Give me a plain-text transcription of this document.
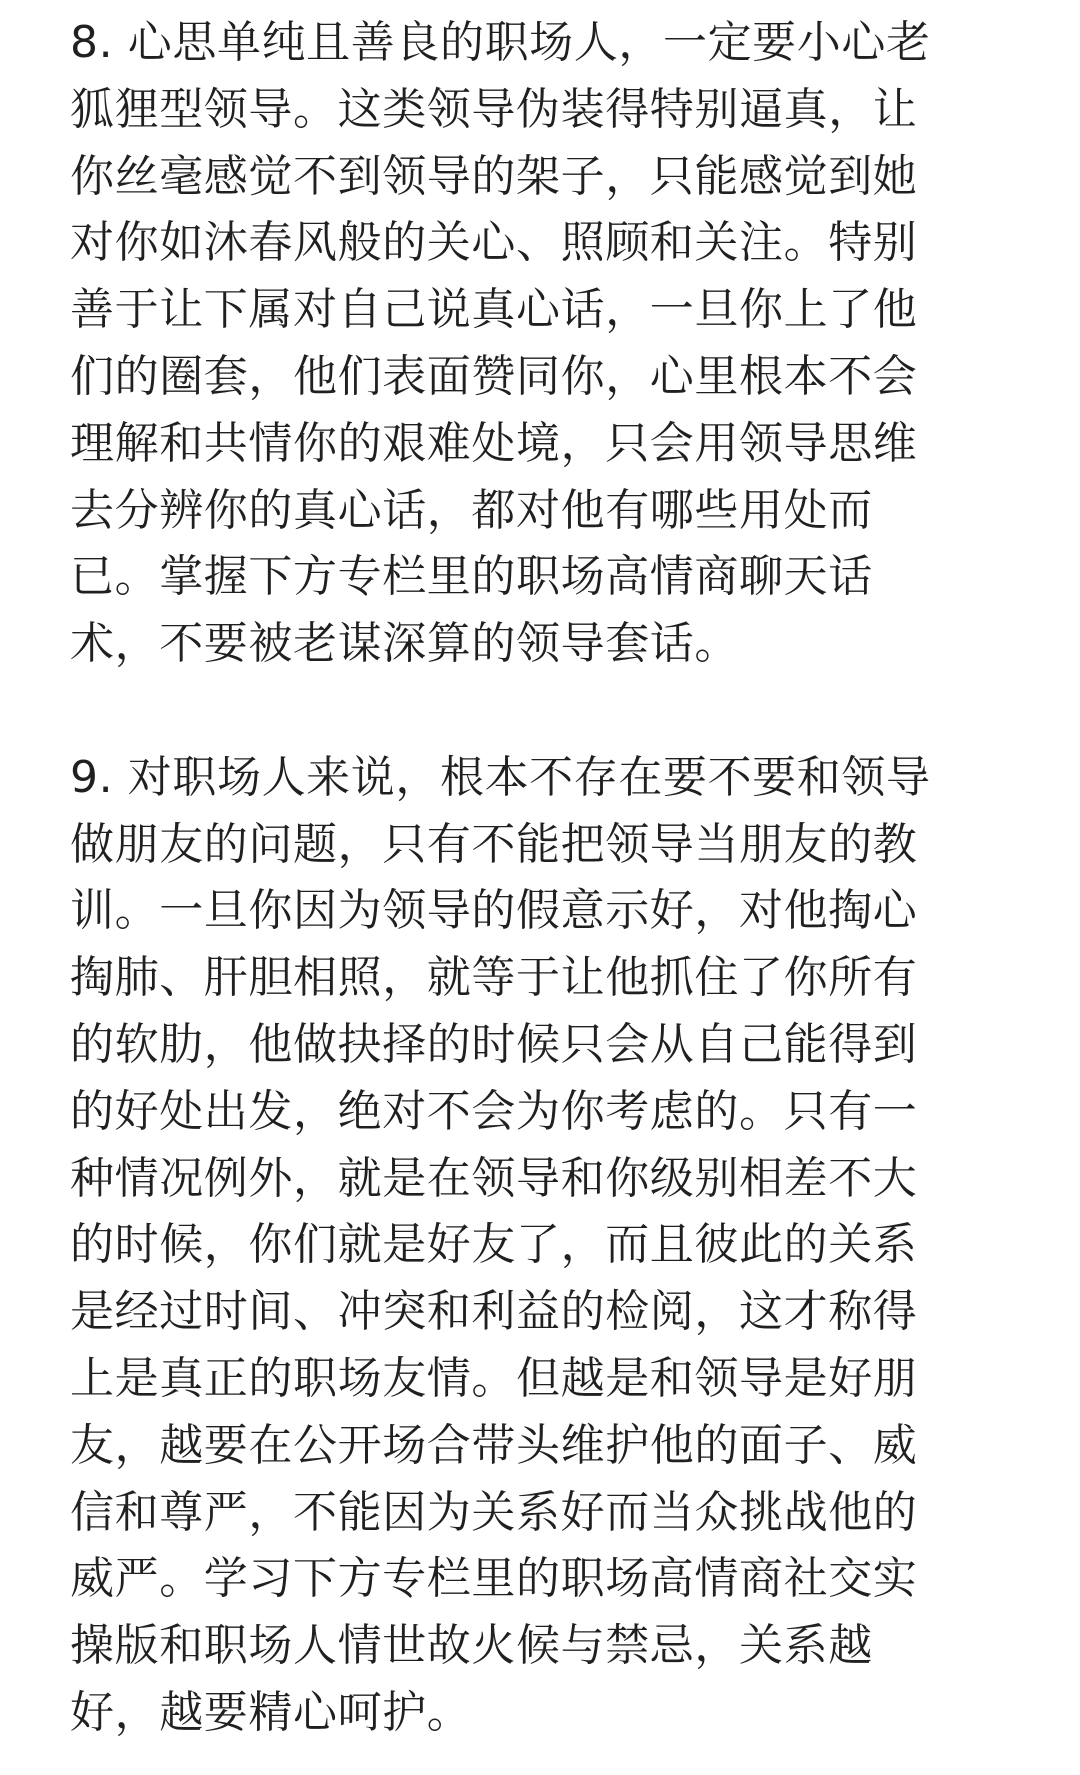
8. 心思单纯且善良的职场人，一定要小心老
狐狸型领导。这类领导伪装得特别逼真，让
你丝毫感觉不到领导的架子，只能感觉到她
对你如沐春风般的关心、照顾和关注。特别
善于让下属对自己说真心话，一旦你上了他
们的圈套，他们表面赞同你，心里根本不会
理解和共情你的艰难处境，只会用领导思维
去分辨你的真心话，都对他有哪些用处而
已。掌握下方专栏里的职场高情商聊天话
术，不要被老谋深算的领导套话。
9. 对职场人来说，根本不存在要不要和领导
做朋友的问题，只有不能把领导当朋友的教
训。一旦你因为领导的假意示好，对他掏心
掏肺、肝胆相照，就等于让他抓住了你所有
的软肋，他做抉择的时候只会从自己能得到
的好处出发，绝对不会为你考虑的。只有一
种情况例外，就是在领导和你级别相差不大
的时候，你们就是好友了，而且彼此的关系
是经过时间、冲突和利益的检阅，这才称得
上是真正的职场友情。但越是和领导是好朋
友，越要在公开场合带头维护他的面子、威
信和尊严，不能因为关系好而当众挑战他的
威严。学习下方专栏里的职场高情商社交实
操版和职场人情世故火候与禁忌，关系越
好，越要精心呵护。
